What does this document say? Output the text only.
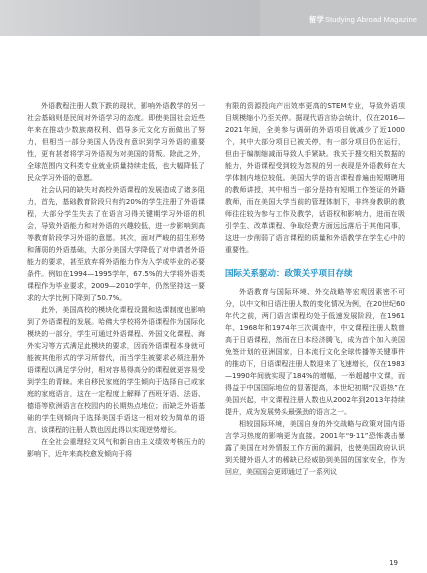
留学Studying Abroad Magazine

外语教程注册人数下跌的现状，影响外语教学的另一社会基础则是民间对外语学习的态度。即使美国社会近些年来在推动少数族裔权利、倡导多元文化方面做出了努力，但相当一部分美国人仍没有意识到学习外语的重要性，更有甚者将学习外语视为对美国的背叛。除此之外，全球范围内文科类专业就业质量持续走低，也大幅降低了民众学习外语的意愿。

社会认同的缺失对高校外语课程的发展造成了诸多阻力，首先，基础教育阶段只有约20%的学生注册了外语课程，大部分学生失去了在语言习得关键期学习外语的机会，导致外语能力和对外语的兴趣较低，进一步影响到高等教育阶段学习外语的意愿。其次，面对严峻的招生形势和薄弱的外语基础，大部分美国大学降低了对申请者外语能力的要求，甚至放弃将外语能力作为入学或毕业的必要条件。例如在1994—1995学年，67.5%的大学将外语类课程作为毕业要求，2009—2010学年，仍然坚持这一要求的大学比例下降到了50.7%。

此外，美国高校的模块化课程设置和选课制度也影响到了外语课程的发展。哈佛大学校将外语课程作为国际化模块的一部分，学生可通过外语课程、外国文化课程、海外实习等方式满足此模块的要求，因而外语课程本身就可能被其他形式的学习所替代，而当学生被要求必须注册外语课程以满足学分时，相对容易得高分的课程就更容易受到学生的青睐。来自移民家庭的学生倾向于选择自己或家庭的家庭语言，这在一定程度上解释了西班牙语、法语、德语等欧洲语言在校园内的长期热点地位；而缺乏外语基础的学生则倾向于选择美国手语这一相对较为简单的语言，该课程的注册人数也因此得以实现逆势增长。

在全社会重理轻文风气和新自由主义绩效考核压力的影响下，近年来高校愈发倾向于将

有限的资源投向产出效率更高的STEM专业，导致外语项目规模缩小乃至关停。据现代语言协会统计，仅在2016—2021年间，全美参与调研的外语项目就减少了近1000个，其中大部分项目已被关停，有一部分项目仍在运行，但由于编制缩减而导致人手紧缺。我关于搜交相关数据的能力，外语课程受到较为忽视的另一表现是外语教师在大学体制内地位较低。美国大学的语言课程普遍由短期聘用的教师讲授，其中相当一部分是持有短期工作签证的外籍教师，而在美国大学当前的管理体制下，非终身教职的教师往往较为参与工作及教学，话语权和影响力，进而在吸引学生、改革课程、争取经费方面远远落后于其他同事，这进一步削弱了语言课程的质量和外语教学在学生心中的重要性。

国际关系驱动：政策关乎项目存续

外语教育与国际环境、外交战略等宏观因素密不可分，以中文和日语注册人数的变化情况为例，在20世纪60年代之前，两门语言课程均处于低速发展阶段，在1961年、1968年和1974年三次调查中，中文课程注册人数曾高于日语课程，然而在日本经济腾飞，成为首个加入美国免签计划的亚洲国家，日本流行文化全球传播等关键事件的推动下，日语课程注册人数迎来了飞速增长，仅在1983—1990年间就实现了184%的增幅，一举超越中文课，而得益于中国国际地位的显著提高，本世纪初期“汉语热”在美国兴起，中文课程注册人数也从2002年到2013年持续提升，成为发展势头最强劲的语言之一。

相较国际环境，美国自身的外交战略与政策对国内语言学习热度的影响更为直接。2001年“9·11”恐怖袭击暴露了美国在对外情报工作方面的漏洞，也使美国政府认识到关键外语人才的稀缺已经威胁到美国的国家安全，作为回应，美国国会更即通过了一系列议

19
